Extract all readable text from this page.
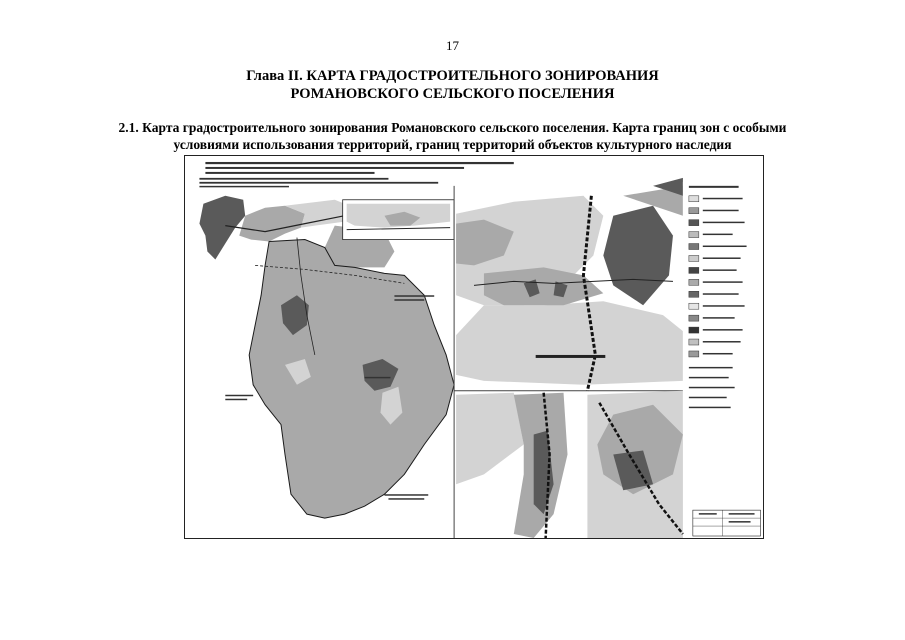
17
Глава II. КАРТА ГРАДОСТРОИТЕЛЬНОГО ЗОНИРОВАНИЯ
РОМАНОВСКОГО СЕЛЬСКОГО ПОСЕЛЕНИЯ
2.1. Карта градостроительного зонирования Романовского сельского поселения. Карта границ зон с особыми
условиями использования территорий, границ территорий объектов культурного наследия
